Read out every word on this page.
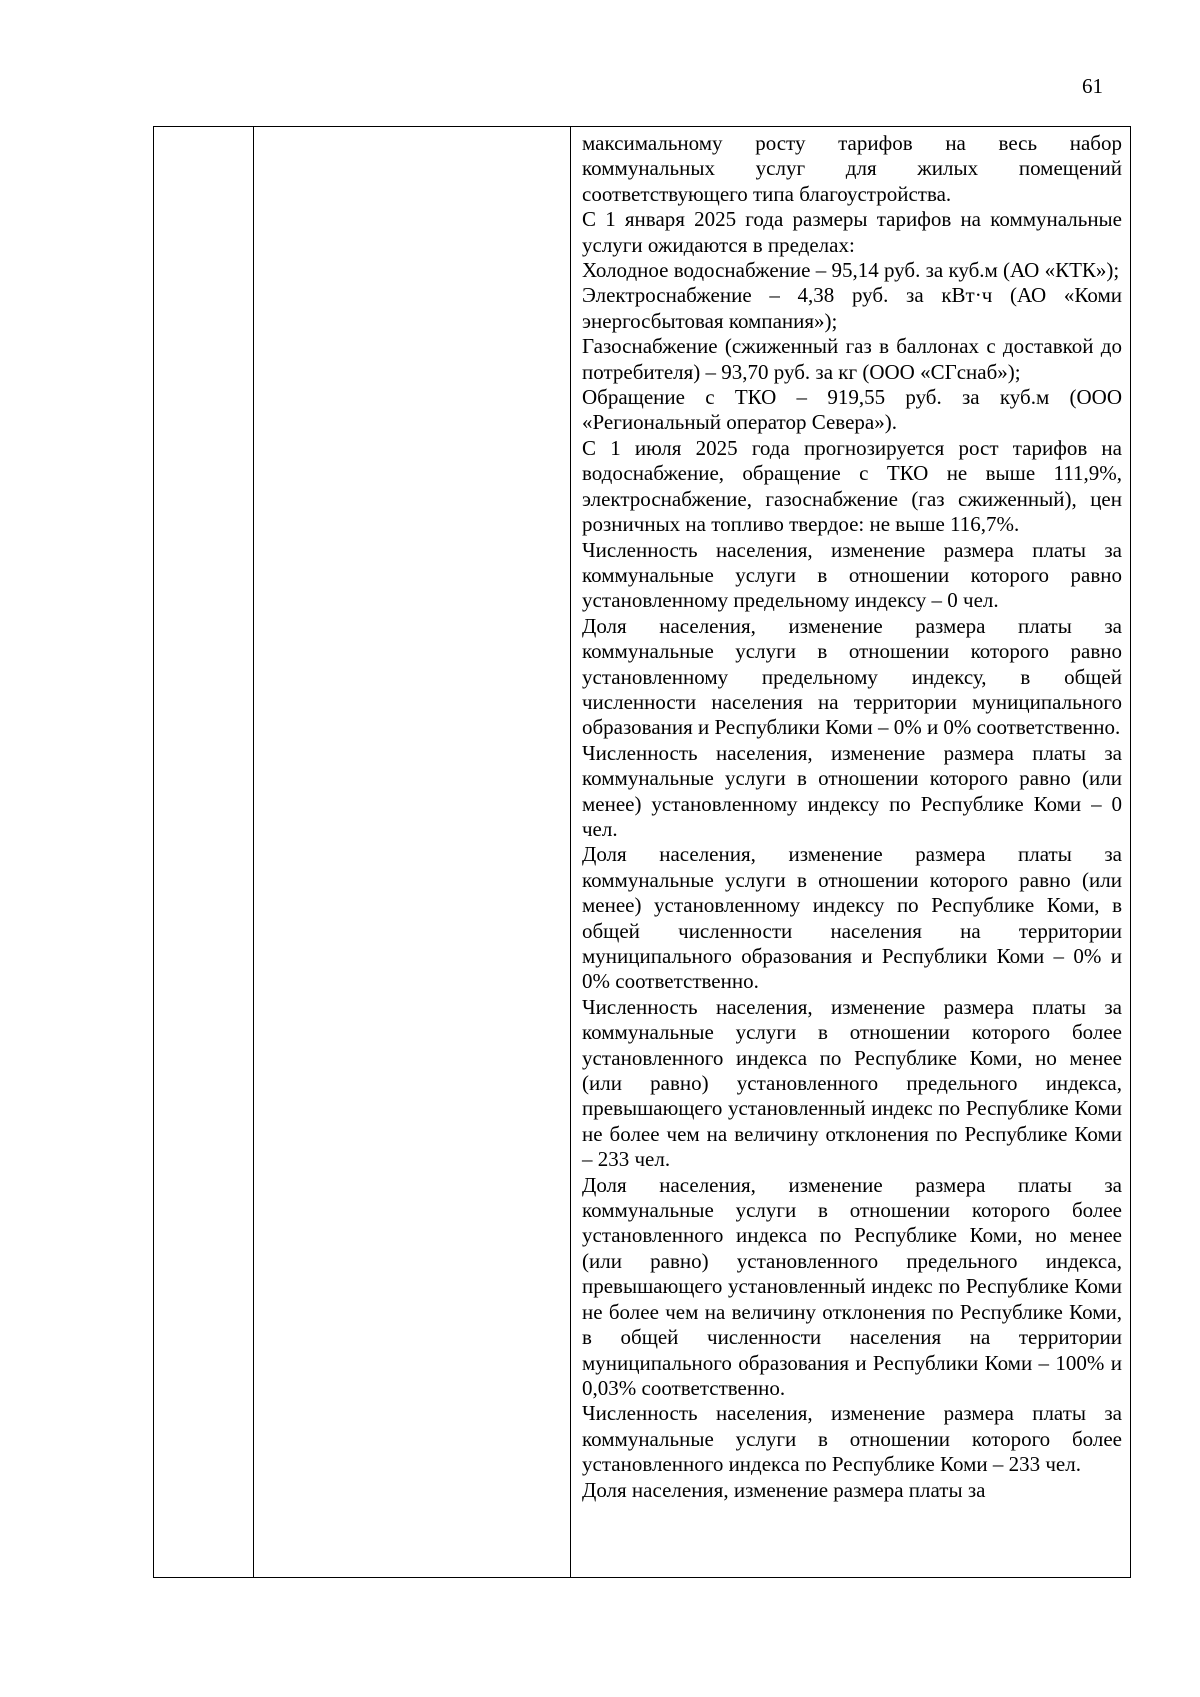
61

максимальному росту тарифов на весь набор коммунальных услуг для жилых помещений соответствующего типа благоустройства.

С 1 января 2025 года размеры тарифов на коммунальные услуги ожидаются в пределах:

Холодное водоснабжение – 95,14 руб. за куб.м (АО «КТК»);

Электроснабжение – 4,38 руб. за кВт·ч (АО «Коми энергосбытовая компания»);

Газоснабжение (сжиженный газ в баллонах с доставкой до потребителя) – 93,70 руб. за кг (ООО «СГснаб»);

Обращение с ТКО – 919,55 руб. за куб.м (ООО «Региональный оператор Севера»).

С 1 июля 2025 года прогнозируется рост тарифов на водоснабжение, обращение с ТКО не выше 111,9%, электроснабжение, газоснабжение (газ сжиженный), цен розничных на топливо твердое: не выше 116,7%.

Численность населения, изменение размера платы за коммунальные услуги в отношении которого равно установленному предельному индексу – 0 чел.

Доля населения, изменение размера платы за коммунальные услуги в отношении которого равно установленному предельному индексу, в общей численности населения на территории муниципального образования и Республики Коми – 0% и 0% соответственно.

Численность населения, изменение размера платы за коммунальные услуги в отношении которого равно (или менее) установленному индексу по Республике Коми – 0 чел.

Доля населения, изменение размера платы за коммунальные услуги в отношении которого равно (или менее) установленному индексу по Республике Коми, в общей численности населения на территории муниципального образования и Республики Коми – 0% и 0% соответственно.

Численность населения, изменение размера платы за коммунальные услуги в отношении которого более установленного индекса по Республике Коми, но менее (или равно) установленного предельного индекса, превышающего установленный индекс по Республике Коми не более чем на величину отклонения по Республике Коми – 233 чел.

Доля населения, изменение размера платы за коммунальные услуги в отношении которого более установленного индекса по Республике Коми, но менее (или равно) установленного предельного индекса, превышающего установленный индекс по Республике Коми не более чем на величину отклонения по Республике Коми, в общей численности населения на территории муниципального образования и Республики Коми – 100% и 0,03% соответственно.

Численность населения, изменение размера платы за коммунальные услуги в отношении которого более установленного индекса по Республике Коми – 233 чел.

Доля населения, изменение размера платы за
